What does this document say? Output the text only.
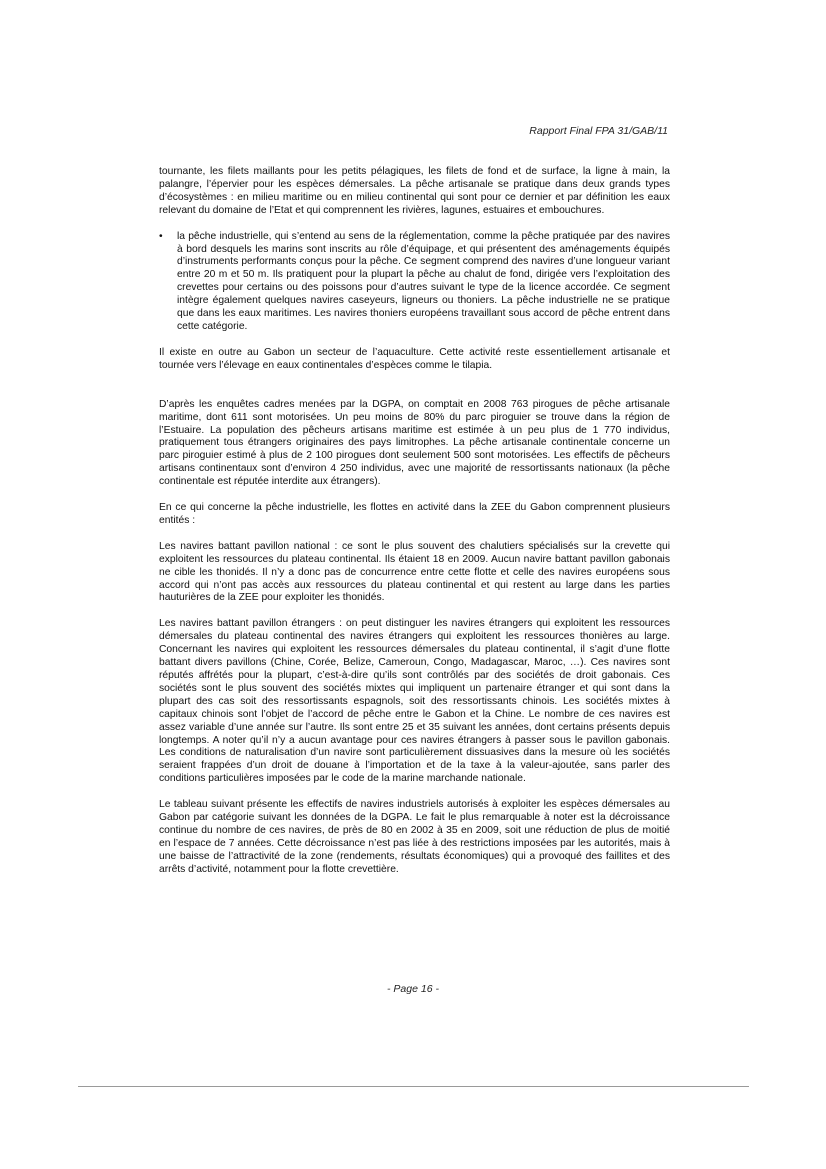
Rapport Final FPA 31/GAB/11

tournante, les filets maillants pour les petits pélagiques, les filets de fond et de surface, la ligne à main, la palangre, l’épervier pour les espèces démersales. La pêche artisanale se pratique dans deux grands types d’écosystèmes : en milieu maritime ou en milieu continental qui sont pour ce dernier et par définition les eaux relevant du domaine de l’Etat et qui comprennent les rivières, lagunes, estuaires et embouchures.

•	la pêche industrielle, qui s’entend au sens de la réglementation, comme la pêche pratiquée par des navires à bord desquels les marins sont inscrits au rôle d’équipage, et qui présentent des aménagements équipés d’instruments performants conçus pour la pêche. Ce segment comprend des navires d’une longueur variant entre 20 m et 50 m. Ils pratiquent pour la plupart la pêche au chalut de fond, dirigée vers l’exploitation des crevettes pour certains ou des poissons pour d’autres suivant le type de la licence accordée. Ce segment intègre également quelques navires caseyeurs, ligneurs ou thoniers. La pêche industrielle ne se pratique que dans les eaux maritimes. Les navires thoniers européens travaillant sous accord de pêche entrent dans cette catégorie.

Il existe en outre au Gabon un secteur de l’aquaculture. Cette activité reste essentiellement artisanale et tournée vers l’élevage en eaux continentales d’espèces comme le tilapia.

D’après les enquêtes cadres menées par la DGPA, on comptait en 2008 763 pirogues de pêche artisanale maritime, dont 611 sont motorisées. Un peu moins de 80% du parc piroguier se trouve dans la région de l’Estuaire. La population des pêcheurs artisans maritime est estimée à un peu plus de 1 770 individus, pratiquement tous étrangers originaires des pays limitrophes. La pêche artisanale continentale concerne un parc piroguier estimé à plus de 2 100 pirogues dont seulement 500 sont motorisées. Les effectifs de pêcheurs artisans continentaux sont d’environ 4 250 individus, avec une majorité de ressortissants nationaux (la pêche continentale est réputée interdite aux étrangers).

En ce qui concerne la pêche industrielle, les flottes en activité dans la ZEE du Gabon comprennent plusieurs entités :

Les navires battant pavillon national : ce sont le plus souvent des chalutiers spécialisés sur la crevette qui exploitent les ressources du plateau continental. Ils étaient 18 en 2009. Aucun navire battant pavillon gabonais ne cible les thonidés. Il n’y a donc pas de concurrence entre cette flotte et celle des navires européens sous accord qui n’ont pas accès aux ressources du plateau continental et qui restent au large dans les parties hauturières de la ZEE pour exploiter les thonidés.

Les navires battant pavillon étrangers : on peut distinguer les navires étrangers qui exploitent les ressources démersales du plateau continental des navires étrangers qui exploitent les ressources thonières au large. Concernant les navires qui exploitent les ressources démersales du plateau continental, il s’agit d’une flotte battant divers pavillons (Chine, Corée, Belize, Cameroun, Congo, Madagascar, Maroc, …). Ces navires sont réputés affrétés pour la plupart, c’est-à-dire qu’ils sont contrôlés par des sociétés de droit gabonais. Ces sociétés sont le plus souvent des sociétés mixtes qui impliquent un partenaire étranger et qui sont dans la plupart des cas soit des ressortissants espagnols, soit des ressortissants chinois. Les sociétés mixtes à capitaux chinois sont l’objet de l’accord de pêche entre le Gabon et la Chine. Le nombre de ces navires est assez variable d’une année sur l’autre. Ils sont entre 25 et 35 suivant les années, dont certains présents depuis longtemps. A noter qu’il n’y a aucun avantage pour ces navires étrangers à passer sous le pavillon gabonais. Les conditions de naturalisation d’un navire sont particulièrement dissuasives dans la mesure où les sociétés seraient frappées d’un droit de douane à l’importation et de la taxe à la valeur-ajoutée, sans parler des conditions particulières imposées par le code de la marine marchande nationale.

Le tableau suivant présente les effectifs de navires industriels autorisés à exploiter les espèces démersales au Gabon par catégorie suivant les données de la DGPA. Le fait le plus remarquable à noter est la décroissance continue du nombre de ces navires, de près de 80 en 2002 à 35 en 2009, soit une réduction de plus de moitié en l’espace de 7 années. Cette décroissance n’est pas liée à des restrictions imposées par les autorités, mais à une baisse de l’attractivité de la zone (rendements, résultats économiques) qui a provoqué des faillites et des arrêts d’activité, notamment pour la flotte crevettière.

- Page 16 -
